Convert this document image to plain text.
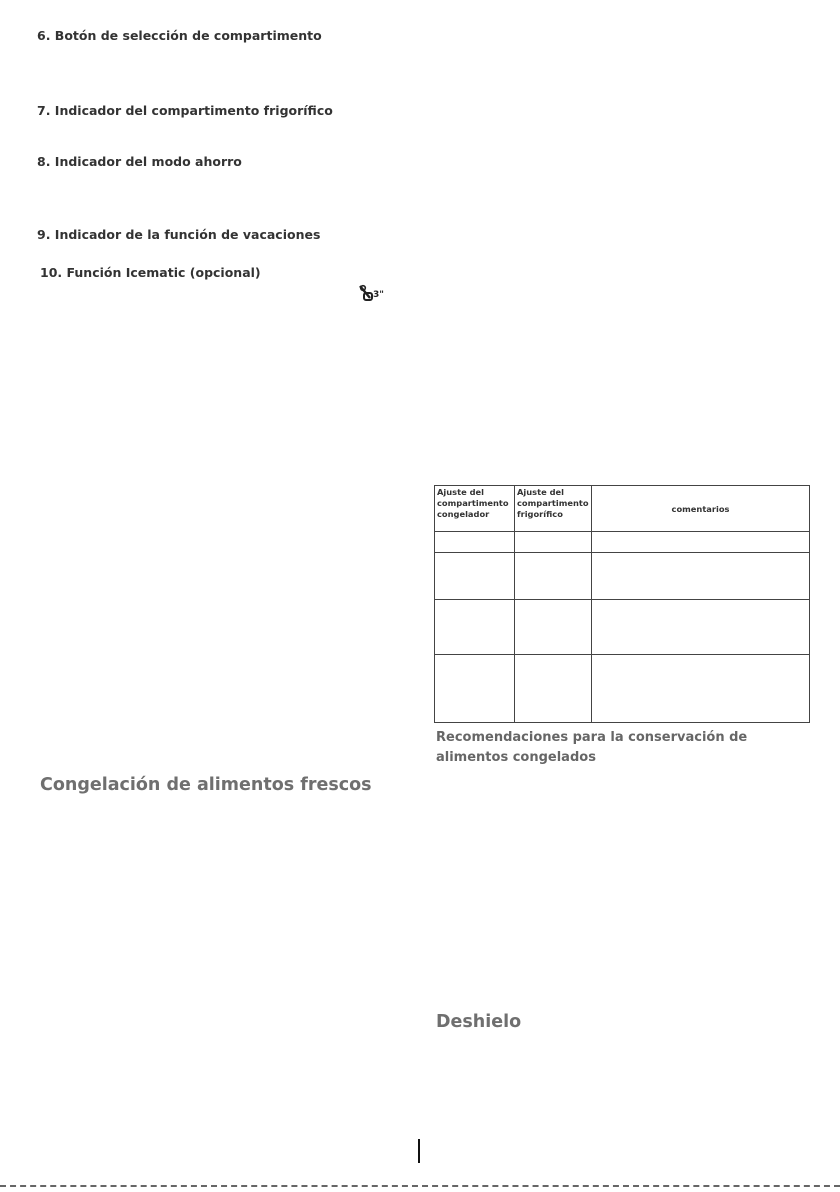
6. Botón de selección de compartimento
7. Indicador del compartimento frigorífico
8. Indicador del modo ahorro
9. Indicador de la función de vacaciones
10. Función Icematic (opcional)
3"
Ajuste del compartimento congelador	Ajuste del compartimento frigorífico	comentarios

Recomendaciones para la conservación de alimentos congelados
Congelación de alimentos frescos
Deshielo
